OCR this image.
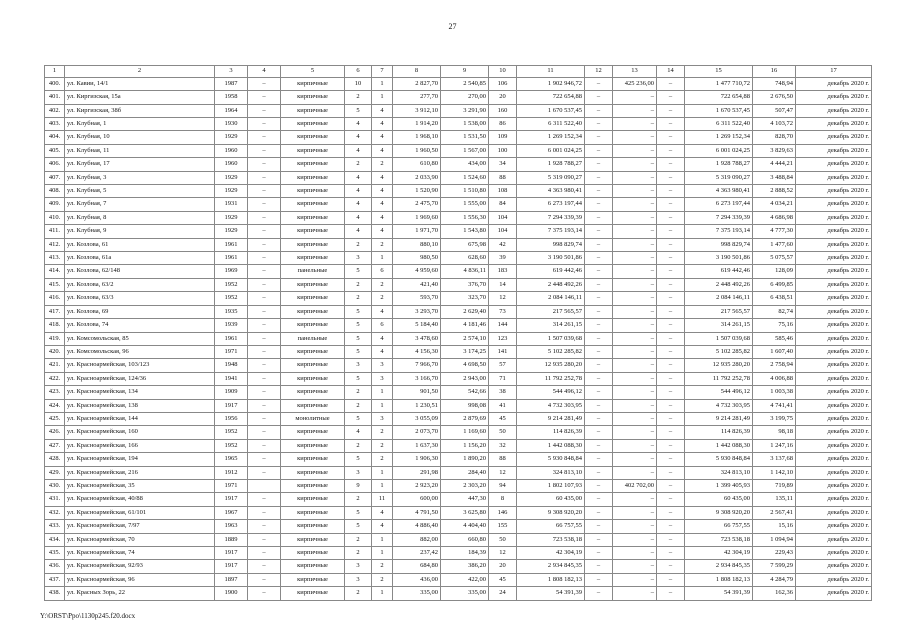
27
1	2	3	4	5	6	7	8	9	10	11	12	13	14	15	16	17
400.	ул. Кавии, 14/1	1987	–	кирпичные	10	1	2 827,70	2 540,85	106	1 902 946,72	–	425 236,00	–	1 477 710,72	748,94	декабрь 2020 г.
401.	ул. Киргизская, 15а	1958	–	кирпичные	2	1	277,70	270,00	20	722 654,88	–	–	–	722 654,88	2 676,50	декабрь 2020 г.
402.	ул. Киргизская, 38б	1964	–	кирпичные	5	4	3 912,10	3 291,90	160	1 670 537,45	–	–	–	1 670 537,45	507,47	декабрь 2020 г.
403.	ул. Клубная, 1	1930	–	кирпичные	4	4	1 914,20	1 538,00	86	6 311 522,40	–	–	–	6 311 522,40	4 103,72	декабрь 2020 г.
404.	ул. Клубная, 10	1929	–	кирпичные	4	4	1 968,10	1 531,50	109	1 269 152,34	–	–	–	1 269 152,34	828,70	декабрь 2020 г.
405.	ул. Клубная, 11	1960	–	кирпичные	4	4	1 960,50	1 567,00	100	6 001 024,25	–	–	–	6 001 024,25	3 829,63	декабрь 2020 г.
406.	ул. Клубная, 17	1960	–	кирпичные	2	2	610,80	434,00	34	1 928 788,27	–	–	–	1 928 788,27	4 444,21	декабрь 2020 г.
407.	ул. Клубная, 3	1929	–	кирпичные	4	4	2 033,90	1 524,60	88	5 319 090,27	–	–	–	5 319 090,27	3 488,84	декабрь 2020 г.
408.	ул. Клубная, 5	1929	–	кирпичные	4	4	1 520,90	1 510,80	108	4 363 980,41	–	–	–	4 363 980,41	2 888,52	декабрь 2020 г.
409.	ул. Клубная, 7	1931	–	кирпичные	4	4	2 475,70	1 555,00	84	6 273 197,44	–	–	–	6 273 197,44	4 034,21	декабрь 2020 г.
410.	ул. Клубная, 8	1929	–	кирпичные	4	4	1 969,60	1 556,30	104	7 294 339,39	–	–	–	7 294 339,39	4 686,98	декабрь 2020 г.
411.	ул. Клубная, 9	1929	–	кирпичные	4	4	1 971,70	1 543,80	104	7 375 193,14	–	–	–	7 375 193,14	4 777,30	декабрь 2020 г.
412.	ул. Козлова, 61	1961	–	кирпичные	2	2	880,10	675,98	42	998 829,74	–	–	–	998 829,74	1 477,60	декабрь 2020 г.
413.	ул. Козлова, 61а	1961	–	кирпичные	3	1	980,50	628,60	39	3 190 501,86	–	–	–	3 190 501,86	5 075,57	декабрь 2020 г.
414.	ул. Козлова, 62/148	1969	–	панельные	5	6	4 959,60	4 836,11	183	619 442,46	–	–	–	619 442,46	128,09	декабрь 2020 г.
415.	ул. Козлова, 63/2	1952	–	кирпичные	2	2	421,40	376,70	14	2 448 492,26	–	–	–	2 448 492,26	6 499,85	декабрь 2020 г.
416.	ул. Козлова, 63/3	1952	–	кирпичные	2	2	593,70	323,70	12	2 084 146,11	–	–	–	2 084 146,11	6 438,51	декабрь 2020 г.
417.	ул. Козлова, 69	1935	–	кирпичные	5	4	3 293,70	2 629,40	73	217 565,57	–	–	–	217 565,57	82,74	декабрь 2020 г.
418.	ул. Козлова, 74	1939	–	кирпичные	5	6	5 184,40	4 181,46	144	314 261,15	–	–	–	314 261,15	75,16	декабрь 2020 г.
419.	ул. Комсомольская, 85	1961	–	панельные	5	4	3 478,60	2 574,10	123	1 507 039,68	–	–	–	1 507 039,68	585,46	декабрь 2020 г.
420.	ул. Комсомольская, 96	1971	–	кирпичные	5	4	4 156,30	3 174,25	141	5 102 285,82	–	–	–	5 102 285,82	1 607,40	декабрь 2020 г.
421.	ул. Красноармейская, 103/123	1948	–	кирпичные	3	3	7 966,70	4 698,50	57	12 935 280,20	–	–	–	12 935 280,20	2 758,94	декабрь 2020 г.
422.	ул. Красноармейская, 124/36	1941	–	кирпичные	5	3	3 166,70	2 943,00	71	11 792 252,78	–	–	–	11 792 252,78	4 006,88	декабрь 2020 г.
423.	ул. Красноармейская, 134	1909	–	кирпичные	2	1	901,50	542,66	38	544 496,12	–	–	–	544 496,12	1 003,38	декабрь 2020 г.
424.	ул. Красноармейская, 138	1917	–	кирпичные	2	1	1 230,51	998,08	41	4 732 303,95	–	–	–	4 732 303,95	4 741,41	декабрь 2020 г.
425.	ул. Красноармейская, 144	1956	–	монолитные	5	3	3 055,09	2 879,69	45	9 214 281,49	–	–	–	9 214 281,49	3 199,75	декабрь 2020 г.
426.	ул. Красноармейская, 160	1952	–	кирпичные	4	2	2 073,70	1 169,60	50	114 826,39	–	–	–	114 826,39	98,18	декабрь 2020 г.
427.	ул. Красноармейская, 166	1952	–	кирпичные	2	2	1 637,30	1 156,20	32	1 442 088,30	–	–	–	1 442 088,30	1 247,16	декабрь 2020 г.
428.	ул. Красноармейская, 194	1965	–	кирпичные	5	2	1 906,30	1 890,20	88	5 930 848,84	–	–	–	5 930 848,84	3 137,68	декабрь 2020 г.
429.	ул. Красноармейская, 216	1912	–	кирпичные	3	1	291,98	284,40	12	324 813,10	–	–	–	324 813,10	1 142,10	декабрь 2020 г.
430.	ул. Красноармейская, 35	1971		кирпичные	9	1	2 923,20	2 303,20	94	1 802 107,93	–	402 702,00	–	1 399 405,93	719,89	декабрь 2020 г.
431.	ул. Красноармейская, 40/88	1917	–	кирпичные	2	11	600,00	447,30	8	60 435,00	–	–	–	60 435,00	135,11	декабрь 2020 г.
432.	ул. Красноармейская, 61/101	1967	–	кирпичные	5	4	4 791,50	3 625,80	146	9 308 920,20	–	–	–	9 308 920,20	2 567,41	декабрь 2020 г.
433.	ул. Красноармейская, 7/97	1963	–	кирпичные	5	4	4 886,40	4 404,40	155	66 757,55	–	–	–	66 757,55	15,16	декабрь 2020 г.
434.	ул. Красноармейская, 70	1889	–	кирпичные	2	1	882,00	660,80	50	723 538,18	–	–	–	723 538,18	1 094,94	декабрь 2020 г.
435.	ул. Красноармейская, 74	1917	–	кирпичные	2	1	237,42	184,39	12	42 304,19	–	–	–	42 304,19	229,43	декабрь 2020 г.
436.	ул. Красноармейская, 92/93	1917	–	кирпичные	3	2	684,80	386,20	20	2 934 845,35	–	–	–	2 934 845,35	7 599,29	декабрь 2020 г.
437.	ул. Красноармейская, 96	1897	–	кирпичные	3	2	436,00	422,00	45	1 808 182,13	–	–	–	1 808 182,13	4 284,79	декабрь 2020 г.
438.	ул. Красных Зорь, 22	1900	–	кирпичные	2	1	335,00	335,00	24	54 391,39	–	–	–	54 391,39	162,36	декабрь 2020 г.
Y:\ORST\Ppo\1130p245.f20.docx
